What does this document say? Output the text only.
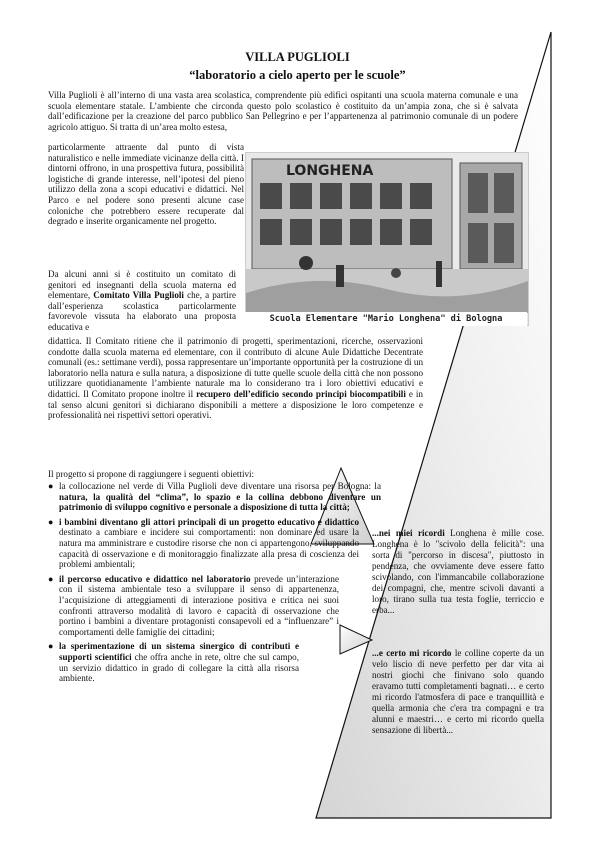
VILLA PUGLIOLI
“laboratorio a cielo aperto per le scuole”
Villa Puglioli è all’interno di una vasta area scolastica, comprendente più edifici ospitanti una scuola materna comunale e una scuola elementare statale. L’ambiente che circonda questo polo scolastico è costituito da un’ampia zona, che si è salvata dall’edificazione per la creazione del parco pubblico San Pellegrino e per l’appartenenza al patrimonio comunale di un podere agricolo attiguo. Si tratta di un’area molto estesa,
particolarmente attraente dal punto di vista naturalistico e nelle immediate vicinanze della città. I dintorni offrono, in una prospettiva futura, possibilità logistiche di grande interesse, nell’ipotesi del pieno utilizzo della zona a scopi educativi e didattici. Nel Parco e nel podere sono presenti alcune case coloniche che potrebbero essere recuperate dal degrado e inserite organicamente nel progetto.
Da alcuni anni si è costituito un comitato di genitori ed insegnanti della scuola materna ed elementare, Comitato Villa Puglioli che, a partire dall’esperienza scolastica particolarmente favorevole vissuta ha elaborato una proposta educativa e
LONGHENA
Scuola Elementare "Mario Longhena" di Bologna
didattica. Il Comitato ritiene che il patrimonio di progetti, sperimentazioni, ricerche, osservazioni condotte dalla scuola materna ed elementare, con il contributo di alcune Aule Didattiche Decentrate comunali (es.: settimane verdi), possa rappresentare un’importante opportunità per la costruzione di un laboratorio nella natura e sulla natura, a disposizione di tutte quelle scuole della città che non possono utilizzare quotidianamente l’ambiente naturale ma lo considerano tra i loro obiettivi educativi e didattici. Il Comitato propone inoltre il recupero dell’edificio secondo principi biocompatibili e in tal senso alcuni genitori si dichiarano disponibili a mettere a disposizione le loro competenze e professionalità nei rispettivi settori operativi.
Il progetto si propone di raggiungere i seguenti obiettivi:
● la collocazione nel verde di Villa Puglioli deve diventare una risorsa per Bologna: la natura, la qualità del “clima”, lo spazio e la collina debbono diventare un patrimonio di sviluppo cognitivo e personale a disposizione di tutta la città;
● i bambini diventano gli attori principali di un progetto educativo e didattico destinato a cambiare e incidere sui comportamenti: non dominare ed usare la natura ma amministrare e custodire risorse che non ci appartengono, sviluppando capacità di osservazione e di monitoraggio finalizzate alla presa di coscienza dei problemi ambientali;
● il percorso educativo e didattico nel laboratorio prevede un’interazione con il sistema ambientale teso a sviluppare il senso di appartenenza, l’acquisizione di atteggiamenti di interazione positiva e critica nei suoi confronti attraverso modalità di lavoro e capacità di osservazione che portino i bambini a diventare protagonisti consapevoli ed a “influenzare” i comportamenti delle famiglie dei cittadini;
● la sperimentazione di un sistema sinergico di contributi e supporti scientifici che offra anche in rete, oltre che sul campo, un servizio didattico in grado di collegare la città alla risorsa ambiente.
...nei miei ricordi Longhena è mille cose. Longhena è lo "scivolo della felicità": una sorta di "percorso in discesa", piuttosto in pendenza, che ovviamente deve essere fatto scivolando, con l'immancabile collaborazione dei compagni, che, mentre scivoli davanti a loro, tirano sulla tua testa foglie, terriccio e erba...
...e certo mi ricordo le colline coperte da un velo liscio di neve perfetto per dar vita ai nostri giochi che finivano solo quando eravamo tutti completamenti bagnati… e certo mi ricordo l'atmosfera di pace e tranquillità e quella armonia che c'era tra compagni e tra alunni e maestri… e certo mi ricordo quella sensazione di libertà...
